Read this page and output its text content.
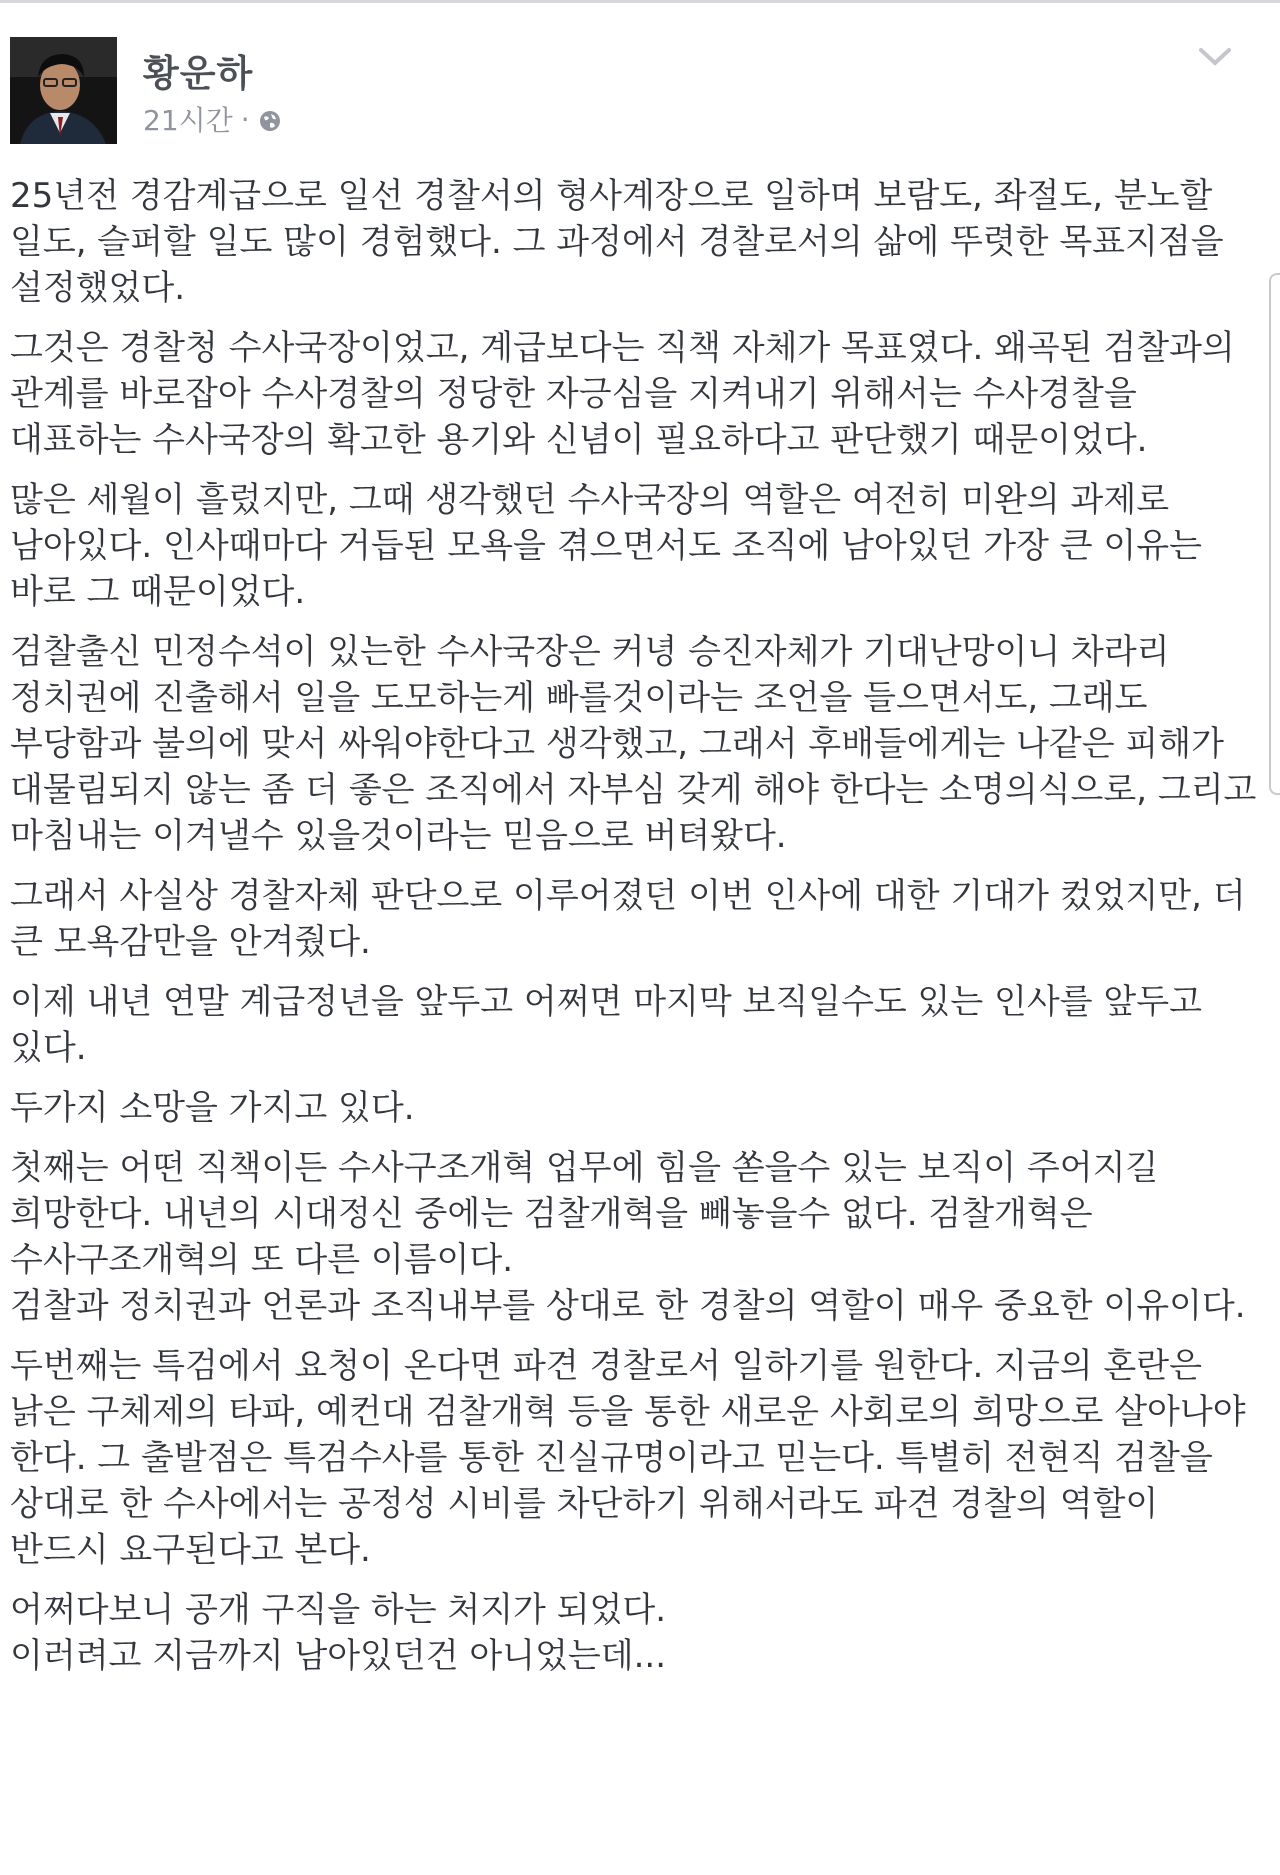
황운하
21시간 ·

25년전 경감계급으로 일선 경찰서의 형사계장으로 일하며 보람도, 좌절도, 분노할 일도, 슬퍼할 일도 많이 경험했다. 그 과정에서 경찰로서의 삶에 뚜렷한 목표지점을 설정했었다.

그것은 경찰청 수사국장이었고, 계급보다는 직책 자체가 목표였다. 왜곡된 검찰과의 관계를 바로잡아 수사경찰의 정당한 자긍심을 지켜내기 위해서는 수사경찰을 대표하는 수사국장의 확고한 용기와 신념이 필요하다고 판단했기 때문이었다.

많은 세월이 흘렀지만, 그때 생각했던 수사국장의 역할은 여전히 미완의 과제로 남아있다. 인사때마다 거듭된 모욕을 겪으면서도 조직에 남아있던 가장 큰 이유는 바로 그 때문이었다.

검찰출신 민정수석이 있는한 수사국장은 커녕 승진자체가 기대난망이니 차라리 정치권에 진출해서 일을 도모하는게 빠를것이라는 조언을 들으면서도, 그래도 부당함과 불의에 맞서 싸워야한다고 생각했고, 그래서 후배들에게는 나같은 피해가 대물림되지 않는 좀 더 좋은 조직에서 자부심 갖게 해야 한다는 소명의식으로, 그리고 마침내는 이겨낼수 있을것이라는 믿음으로 버텨왔다.

그래서 사실상 경찰자체 판단으로 이루어졌던 이번 인사에 대한 기대가 컸었지만, 더 큰 모욕감만을 안겨줬다.

이제 내년 연말 계급정년을 앞두고 어쩌면 마지막 보직일수도 있는 인사를 앞두고 있다.

두가지 소망을 가지고 있다.

첫째는 어떤 직책이든 수사구조개혁 업무에 힘을 쏟을수 있는 보직이 주어지길 희망한다. 내년의 시대정신 중에는 검찰개혁을 빼놓을수 없다. 검찰개혁은 수사구조개혁의 또 다른 이름이다.
검찰과 정치권과 언론과 조직내부를 상대로 한 경찰의 역할이 매우 중요한 이유이다.

두번째는 특검에서 요청이 온다면 파견 경찰로서 일하기를 원한다. 지금의 혼란은 낡은 구체제의 타파, 예컨대 검찰개혁 등을 통한 새로운 사회로의 희망으로 살아나야 한다. 그 출발점은 특검수사를 통한 진실규명이라고 믿는다. 특별히 전현직 검찰을 상대로 한 수사에서는 공정성 시비를 차단하기 위해서라도 파견 경찰의 역할이 반드시 요구된다고 본다.

어쩌다보니 공개 구직을 하는 처지가 되었다.
이러려고 지금까지 남아있던건 아니었는데...
